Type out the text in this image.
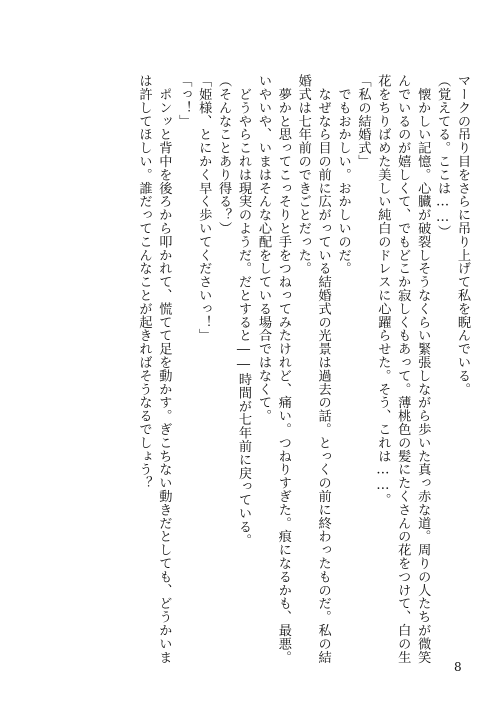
マークの吊り目をさらに吊り上げて私を睨んでいる。
（覚えてる。ここは……）
　懐かしい記憶。心臓が破裂しそうなくらい緊張しながら歩いた真っ赤な道。周りの人たちが微笑
んでいるのが嬉しくて、でもどこか寂しくもあって。薄桃色の髪にたくさんの花をつけて、白の生
花をちりばめた美しい純白のドレスに心躍らせた。そう、これは……。
「私の結婚式」
　でもおかしい。おかしいのだ。
　なぜなら目の前に広がっている結婚式の光景は過去の話。とっくの前に終わったものだ。私の結
婚式は七年前のできごとだった。
　夢かと思ってこっそりと手をつねってみたけれど、痛い。つねりすぎた。痕になるかも、最悪。
いやいや、いまはそんな心配をしている場合ではなくて。
　どうやらこれは現実のようだ。だとすると――時間が七年前に戻っている。
（そんなことあり得る？）
「姫様、とにかく早く歩いてくださいっ！」
「っ！」
　ポンッと背中を後ろから叩かれて、慌てて足を動かす。ぎこちない動きだとしても、どうかいま
は許してほしい。誰だってこんなことが起きればそうなるでしょう？
8
